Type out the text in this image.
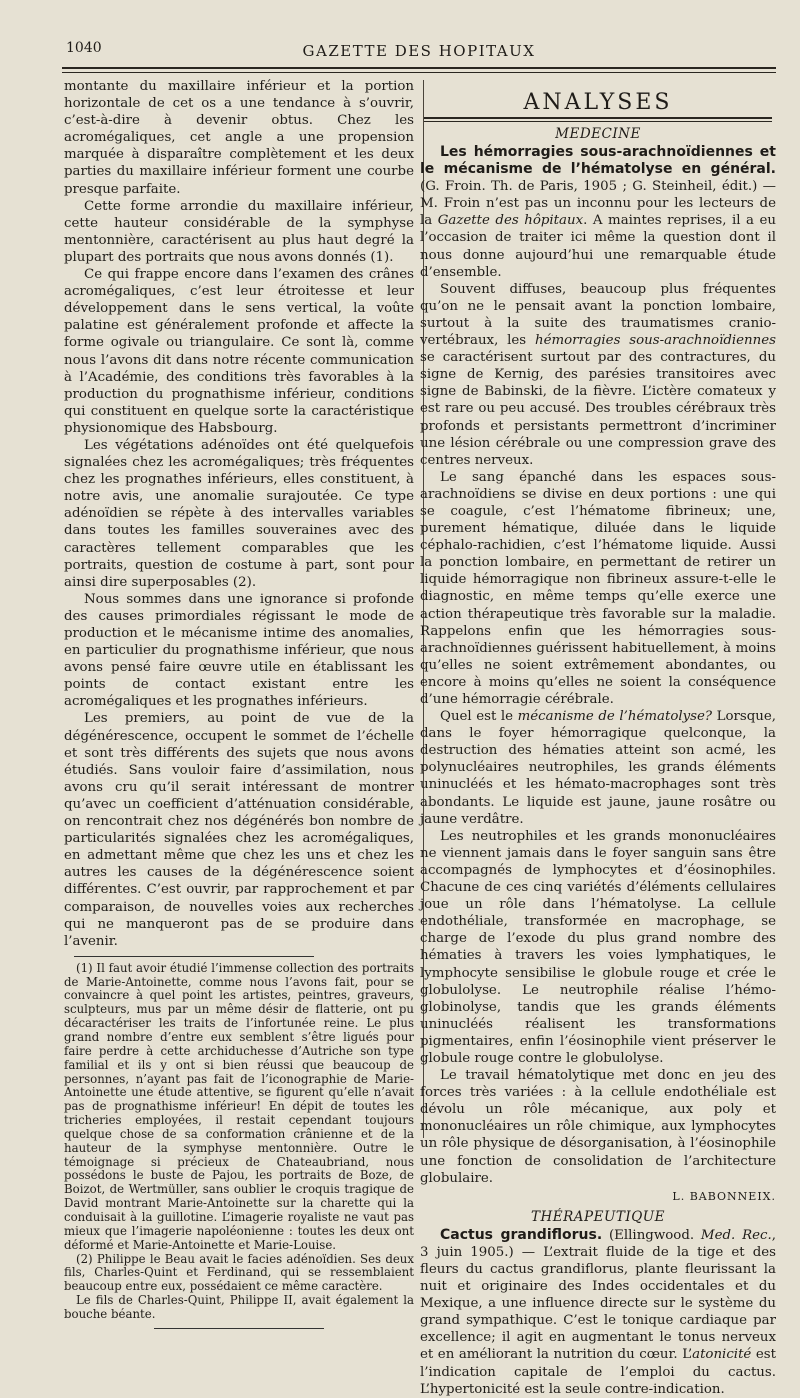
1040	GAZETTE DES HOPITAUX

montante du maxillaire inférieur et la portion horizontale de cet os a une tendance à s’ouvrir, c’est-à-dire à devenir obtus. Chez les acromégaliques, cet angle a une propension marquée à disparaître complètement et les deux parties du maxillaire inférieur forment une courbe presque parfaite.

Cette forme arrondie du maxillaire inférieur, cette hauteur considérable de la symphyse mentonnière, caractérisent au plus haut degré la plupart des portraits que nous avons donnés (1).

Ce qui frappe encore dans l’examen des crânes acromégaliques, c’est leur étroitesse et leur développement dans le sens vertical, la voûte palatine est généralement profonde et affecte la forme ogivale ou triangulaire. Ce sont là, comme nous l’avons dit dans notre récente communication à l’Académie, des conditions très favorables à la production du prognathisme inférieur, conditions qui constituent en quelque sorte la caractéristique physionomique des Habsbourg.

Les végétations adénoïdes ont été quelquefois signalées chez les acromégaliques; très fréquentes chez les prognathes inférieurs, elles constituent, à notre avis, une anomalie surajoutée. Ce type adénoïdien se répète à des intervalles variables dans toutes les familles souveraines avec des caractères tellement comparables que les portraits, question de costume à part, sont pour ainsi dire superposables (2).

Nous sommes dans une ignorance si profonde des causes primordiales régissant le mode de production et le mécanisme intime des anomalies, en particulier du prognathisme inférieur, que nous avons pensé faire œuvre utile en établissant les points de contact existant entre les acromégaliques et les prognathes inférieurs.

Les premiers, au point de vue de la dégénérescence, occupent le sommet de l’échelle et sont très différents des sujets que nous avons étudiés. Sans vouloir faire d’assimilation, nous avons cru qu’il serait intéressant de montrer qu’avec un coefficient d’atténuation considérable, on rencontrait chez nos dégénérés bon nombre de particularités signalées chez les acromégaliques, en admettant même que chez les uns et chez les autres les causes de la dégénérescence soient différentes. C’est ouvrir, par rapprochement et par comparaison, de nouvelles voies aux recherches qui ne manqueront pas de se produire dans l’avenir.

(1) Il faut avoir étudié l’immense collection des portraits de Marie-Antoinette, comme nous l’avons fait, pour se convaincre à quel point les artistes, peintres, graveurs, sculpteurs, mus par un même désir de flatterie, ont pu décaractériser les traits de l’infortunée reine. Le plus grand nombre d’entre eux semblent s’être ligués pour faire perdre à cette archiduchesse d’Autriche son type familial et ils y ont si bien réussi que beaucoup de personnes, n’ayant pas fait de l’iconographie de Marie-Antoinette une étude attentive, se figurent qu’elle n’avait pas de prognathisme inférieur! En dépit de toutes les tricheries employées, il restait cependant toujours quelque chose de sa conformation crânienne et de la hauteur de la symphyse mentonnière. Outre le témoignage si précieux de Chateaubriand, nous possédons le buste de Pajou, les portraits de Boze, de Boizot, de Wertmüller, sans oublier le croquis tragique de David montrant Marie-Antoinette sur la charette qui la conduisait à la guillotine. L’imagerie royaliste ne vaut pas mieux que l’imagerie napoléonienne : toutes les deux ont déformé et Marie-Antoinette et Marie-Louise.

(2) Philippe le Beau avait le facies adénoïdien. Ses deux fils, Charles-Quint et Ferdinand, qui se ressemblaient beaucoup entre eux, possédaient ce même caractère.

Le fils de Charles-Quint, Philippe II, avait également la bouche béante.

ANALYSES
MEDECINE

Les hémorragies sous-arachnoïdiennes et le mécanisme de l’hématolyse en général. (G. Froin. Th. de Paris, 1905 ; G. Steinheil, édit.) — M. Froin n’est pas un inconnu pour les lecteurs de la Gazette des hôpitaux. A maintes reprises, il a eu l’occasion de traiter ici même la question dont il nous donne aujourd’hui une remarquable étude d’ensemble.

Souvent diffuses, beaucoup plus fréquentes qu’on ne le pensait avant la ponction lombaire, surtout à la suite des traumatismes cranio-vertébraux, les hémorragies sous-arachnoïdiennes se caractérisent surtout par des contractures, du signe de Kernig, des parésies transitoires avec signe de Babinski, de la fièvre. L’ictère comateux y est rare ou peu accusé. Des troubles cérébraux très profonds et persistants permettront d’incriminer une lésion cérébrale ou une compression grave des centres nerveux.

Le sang épanché dans les espaces sous-arachnoïdiens se divise en deux portions : une qui se coagule, c’est l’hématome fibrineux; une, purement hématique, diluée dans le liquide céphalo-rachidien, c’est l’hématome liquide. Aussi la ponction lombaire, en permettant de retirer un liquide hémorragique non fibrineux assure-t-elle le diagnostic, en même temps qu’elle exerce une action thérapeutique très favorable sur la maladie. Rappelons enfin que les hémorragies sous-arachnoïdiennes guérissent habituellement, à moins qu’elles ne soient extrêmement abondantes, ou encore à moins qu’elles ne soient la conséquence d’une hémorragie cérébrale.

Quel est le mécanisme de l’hématolyse? Lorsque, dans le foyer hémorragique quelconque, la destruction des hématies atteint son acmé, les polynucléaires neutrophiles, les grands éléments uninucléés et les hémato-macrophages sont très abondants. Le liquide est jaune, jaune rosâtre ou jaune verdâtre.

Les neutrophiles et les grands mononucléaires ne viennent jamais dans le foyer sanguin sans être accompagnés de lymphocytes et d’éosinophiles. Chacune de ces cinq variétés d’éléments cellulaires joue un rôle dans l’hématolyse. La cellule endothéliale, transformée en macrophage, se charge de l’exode du plus grand nombre des hématies à travers les voies lymphatiques, le lymphocyte sensibilise le globule rouge et crée le globulolyse. Le neutrophile réalise l’hémo-globinolyse, tandis que les grands éléments uninucléés réalisent les transformations pigmentaires, enfin l’éosinophile vient préserver le globule rouge contre le globulolyse.

Le travail hématolytique met donc en jeu des forces très variées : à la cellule endothéliale est dévolu un rôle mécanique, aux poly et mononucléaires un rôle chimique, aux lymphocytes un rôle physique de désorganisation, à l’éosinophile une fonction de consolidation de l’architecture globulaire.

L. BABONNEIX.

THÉRAPEUTIQUE

Cactus grandiflorus. (Ellingwood. Med. Rec., 3 juin 1905.) — L’extrait fluide de la tige et des fleurs du cactus grandiflorus, plante fleurissant la nuit et originaire des Indes occidentales et du Mexique, a une influence directe sur le système du grand sympathique. C’est le tonique cardiaque par excellence; il agit en augmentant le tonus nerveux et en améliorant la nutrition du cœur. L’atonicité est l’indication capitale de l’emploi du cactus. L’hypertonicité est la seule contre-indication.
